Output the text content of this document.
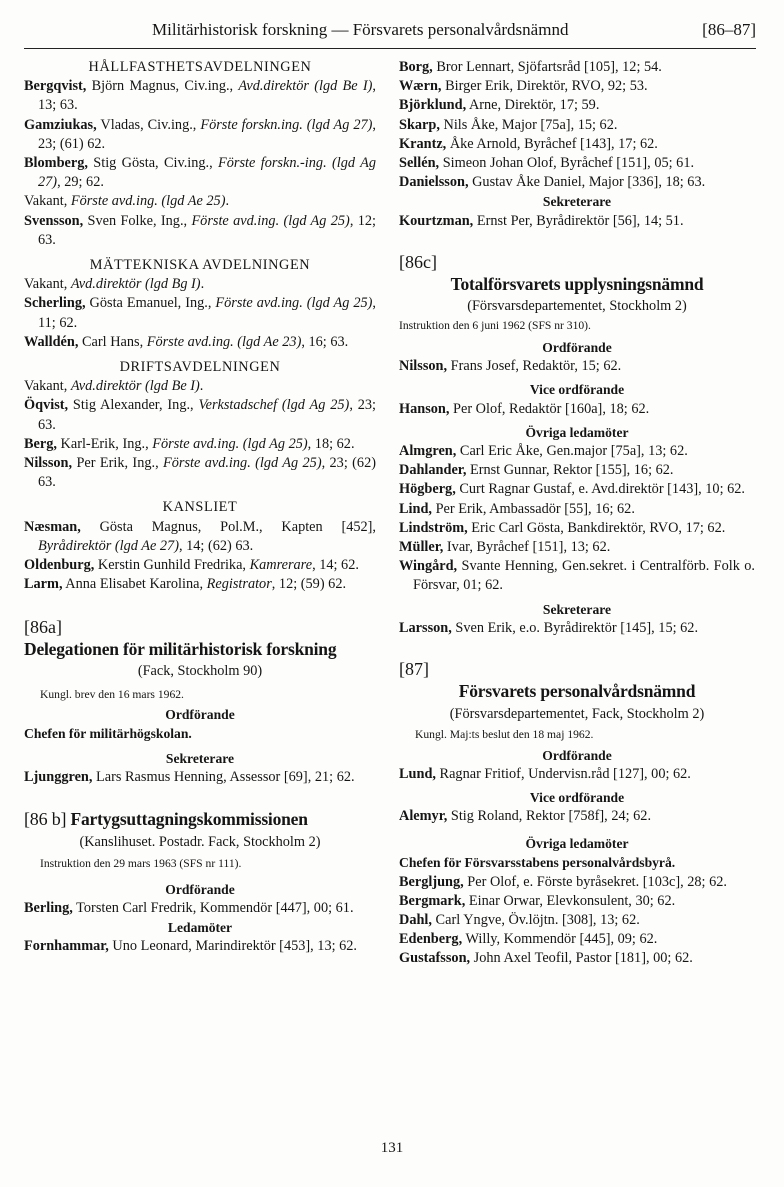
Militärhistorisk forskning — Försvarets personalvårdsnämnd	[86–87]
HÅLLFASTHETSAVDELNINGEN
Bergqvist, Björn Magnus, Civ.ing., Avd.direktör (lgd Be I), 13; 63.
Gamziukas, Vladas, Civ.ing., Förste forskn.ing. (lgd Ag 27), 23; (61) 62.
Blomberg, Stig Gösta, Civ.ing., Förste forskn.-ing. (lgd Ag 27), 29; 62.
Vakant, Förste avd.ing. (lgd Ae 25).
Svensson, Sven Folke, Ing., Förste avd.ing. (lgd Ag 25), 12; 63.
MÄTTEKNISKA AVDELNINGEN
Vakant, Avd.direktör (lgd Bg I).
Scherling, Gösta Emanuel, Ing., Förste avd.ing. (lgd Ag 25), 11; 62.
Walldén, Carl Hans, Förste avd.ing. (lgd Ae 23), 16; 63.
DRIFTSAVDELNINGEN
Vakant, Avd.direktör (lgd Be I).
Öqvist, Stig Alexander, Ing., Verkstadschef (lgd Ag 25), 23; 63.
Berg, Karl-Erik, Ing., Förste avd.ing. (lgd Ag 25), 18; 62.
Nilsson, Per Erik, Ing., Förste avd.ing. (lgd Ag 25), 23; (62) 63.
KANSLIET
Næsman, Gösta Magnus, Pol.M., Kapten [452], Byrådirektör (lgd Ae 27), 14; (62) 63.
Oldenburg, Kerstin Gunhild Fredrika, Kamrerare, 14; 62.
Larm, Anna Elisabet Karolina, Registrator, 12; (59) 62.
[86a]
Delegationen för militärhistorisk forskning
(Fack, Stockholm 90)
Kungl. brev den 16 mars 1962.
Ordförande
Chefen för militärhögskolan.
Sekreterare
Ljunggren, Lars Rasmus Henning, Assessor [69], 21; 62.
[86 b] Fartygsuttagningskommissionen
(Kanslihuset. Postadr. Fack, Stockholm 2)
Instruktion den 29 mars 1963 (SFS nr 111).
Ordförande
Berling, Torsten Carl Fredrik, Kommendör [447], 00; 61.
Ledamöter
Fornhammar, Uno Leonard, Marindirektör [453], 13; 62.
Borg, Bror Lennart, Sjöfartsråd [105], 12; 54.
Wærn, Birger Erik, Direktör, RVO, 92; 53.
Björklund, Arne, Direktör, 17; 59.
Skarp, Nils Åke, Major [75a], 15; 62.
Krantz, Åke Arnold, Byråchef [143], 17; 62.
Sellén, Simeon Johan Olof, Byråchef [151], 05; 61.
Danielsson, Gustav Åke Daniel, Major [336], 18; 63.
Sekreterare
Kourtzman, Ernst Per, Byrådirektör [56], 14; 51.
[86c]
Totalförsvarets upplysningsnämnd
(Försvarsdepartementet, Stockholm 2)
Instruktion den 6 juni 1962 (SFS nr 310).
Ordförande
Nilsson, Frans Josef, Redaktör, 15; 62.
Vice ordförande
Hanson, Per Olof, Redaktör [160a], 18; 62.
Övriga ledamöter
Almgren, Carl Eric Åke, Gen.major [75a], 13; 62.
Dahlander, Ernst Gunnar, Rektor [155], 16; 62.
Högberg, Curt Ragnar Gustaf, e. Avd.direktör [143], 10; 62.
Lind, Per Erik, Ambassadör [55], 16; 62.
Lindström, Eric Carl Gösta, Bankdirektör, RVO, 17; 62.
Müller, Ivar, Byråchef [151], 13; 62.
Wingård, Svante Henning, Gen.sekret. i Centralförb. Folk o. Försvar, 01; 62.
Sekreterare
Larsson, Sven Erik, e.o. Byrådirektör [145], 15; 62.
[87]
Försvarets personalvårdsnämnd
(Försvarsdepartementet, Fack, Stockholm 2)
Kungl. Maj:ts beslut den 18 maj 1962.
Ordförande
Lund, Ragnar Fritiof, Undervisn.råd [127], 00; 62.
Vice ordförande
Alemyr, Stig Roland, Rektor [758f], 24; 62.
Övriga ledamöter
Chefen för Försvarsstabens personalvårdsbyrå.
Bergljung, Per Olof, e. Förste byråsekret. [103c], 28; 62.
Bergmark, Einar Orwar, Elevkonsulent, 30; 62.
Dahl, Carl Yngve, Öv.löjtn. [308], 13; 62.
Edenberg, Willy, Kommendör [445], 09; 62.
Gustafsson, John Axel Teofil, Pastor [181], 00; 62.
131
